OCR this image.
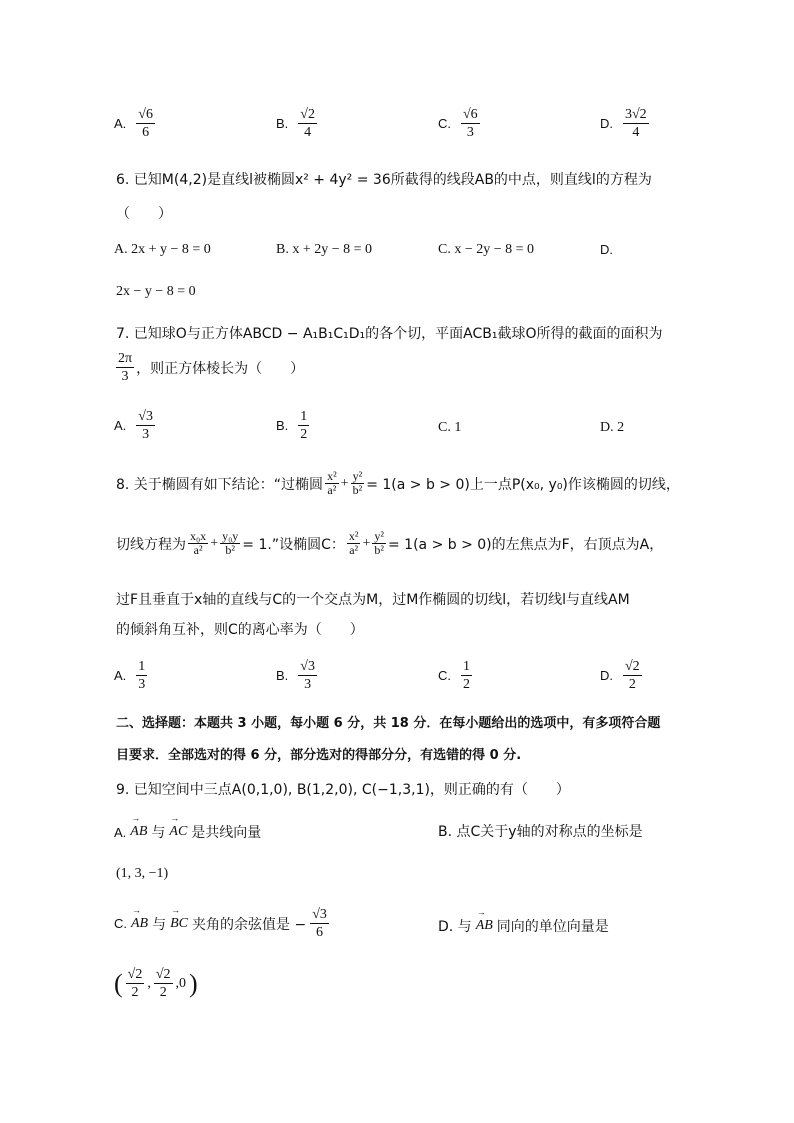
A. $\frac{√6}{6}$	B. $\frac{√2}{4}$	C. $\frac{√6}{3}$	D. $\frac{3√2}{4}$
6. 已知M(4,2)是直线l被椭圆x² + 4y² = 36所截得的线段AB的中点，则直线l的方程为
（　　）
A. 2x + y − 8 = 0	B. x + 2y − 8 = 0	C. x − 2y − 8 = 0	D.
2x − y − 8 = 0
7. 已知球O与正方体ABCD − A₁B₁C₁D₁的各个切，平面ACB₁截球O所得的截面的面积为
$\frac{2\pi}{3}$ ，则正方体棱长为（　　）
A. $\frac{√3}{3}$	B. $\frac{1}{2}$	C. 1	D. 2
8. 关于椭圆有如下结论：“过椭圆 $\frac{\text{x²}}{\text{a²}} + \frac{\text{y²}}{\text{b²}} = 1(a > b > 0)$上一点P(x₀, y₀)作该椭圆的切线，
切线方程为 $\frac{\text{x₀x}}{\text{a²}} + \frac{\text{y₀y}}{\text{b²}} = 1$.”设椭圆C： $\frac{\text{x²}}{\text{a²}} + \frac{\text{y²}}{\text{b²}} = 1(a > b > 0)$的左焦点为F，右顶点为A，
过F且垂直于x轴的直线与C的一个交点为M，过M作椭圆的切线l，若切线l与直线AM
的倾斜角互补，则C的离心率为（　　）
A. $\frac{1}{3}$	B. $\frac{√3}{3}$	C. $\frac{1}{2}$	D. $\frac{√2}{2}$
二、选择题：本题共 3 小题，每小题 6 分，共 18 分．在每小题给出的选项中，有多项符合题
目要求．全部选对的得 6 分，部分选对的得部分分，有选错的得 0 分.
9. 已知空间中三点A(0,1,0), B(1,2,0), C(−1,3,1)，则正确的有（　　）
A. → AB 与 → AC 是共线向量	B. 点C关于y轴的对称点的坐标是
(1, 3, −1)
C. → AB 与 → BC 夹角的余弦值是 − $\frac{√3}{6}$	D. 与 → AB 同向的单位向量是
( $\frac{√2}{2}$ , $\frac{√2}{2} ,0$ )
